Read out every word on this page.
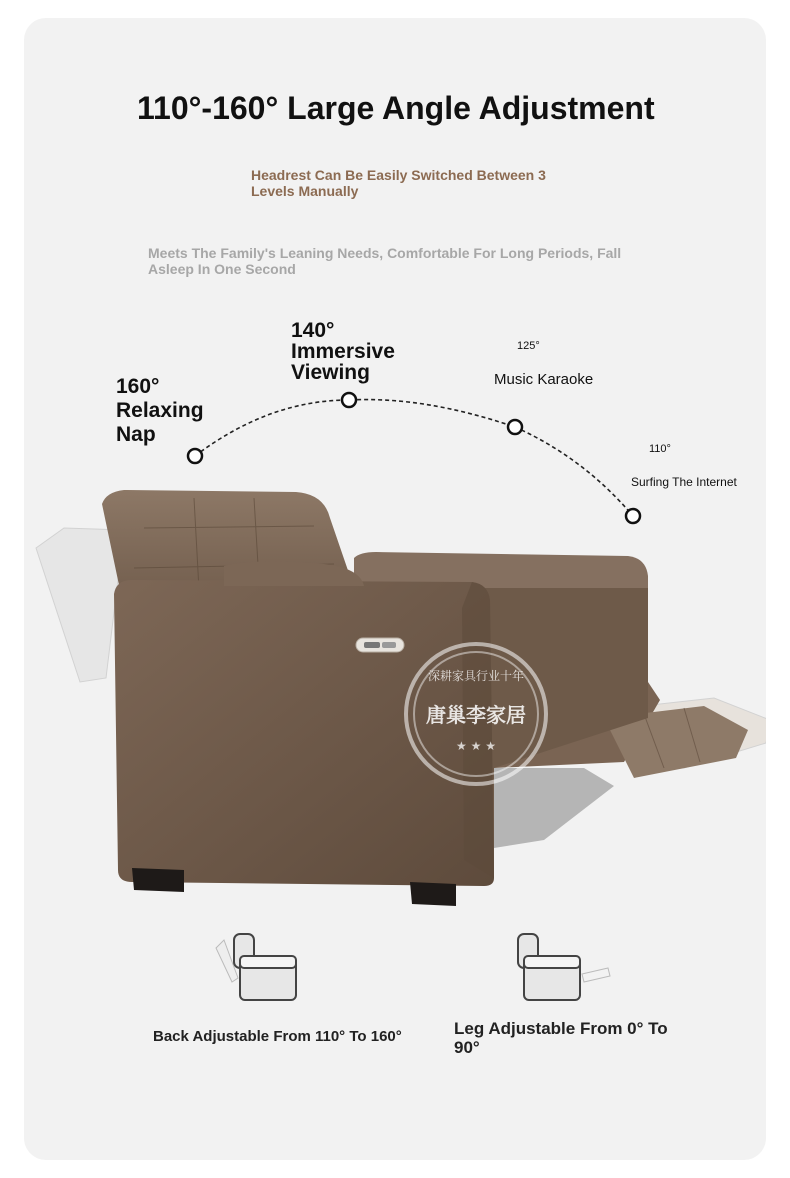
110°-160° Large Angle Adjustment
Headrest Can Be Easily Switched Between 3 Levels Manually
Meets The Family's Leaning Needs, Comfortable For Long Periods, Fall Asleep In One Second
160°
Relaxing Nap
140°
Immersive Viewing
125°
Music Karaoke
110°
Surfing The Internet
深耕家具行业十年
唐巢李家居
★ ★ ★
Back Adjustable From 110° To 160°	Leg Adjustable From 0° To 90°
